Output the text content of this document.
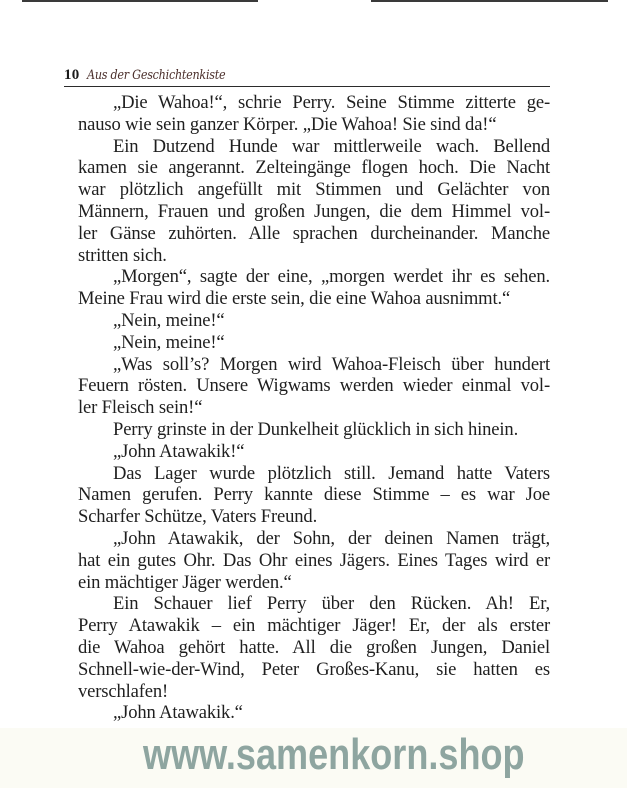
10 Aus der Geschichtenkiste
„Die Wahoa!“, schrie Perry. Seine Stimme zitterte ge-
nauso wie sein ganzer Körper. „Die Wahoa! Sie sind da!“
Ein Dutzend Hunde war mittlerweile wach. Bellend
kamen sie angerannt. Zelteingänge flogen hoch. Die Nacht
war plötzlich angefüllt mit Stimmen und Gelächter von
Männern, Frauen und großen Jungen, die dem Himmel vol-
ler Gänse zuhörten. Alle sprachen durcheinander. Manche
stritten sich.
„Morgen“, sagte der eine, „morgen werdet ihr es sehen.
Meine Frau wird die erste sein, die eine Wahoa ausnimmt.“
„Nein, meine!“
„Nein, meine!“
„Was soll’s? Morgen wird Wahoa-Fleisch über hundert
Feuern rösten. Unsere Wigwams werden wieder einmal vol-
ler Fleisch sein!“
Perry grinste in der Dunkelheit glücklich in sich hinein.
„John Atawakik!“
Das Lager wurde plötzlich still. Jemand hatte Vaters
Namen gerufen. Perry kannte diese Stimme – es war Joe
Scharfer Schütze, Vaters Freund.
„John Atawakik, der Sohn, der deinen Namen trägt,
hat ein gutes Ohr. Das Ohr eines Jägers. Eines Tages wird er
ein mächtiger Jäger werden.“
Ein Schauer lief Perry über den Rücken. Ah! Er,
Perry Atawakik – ein mächtiger Jäger! Er, der als erster
die Wahoa gehört hatte. All die großen Jungen, Daniel
Schnell-wie-der-Wind, Peter Großes-Kanu, sie hatten es
verschlafen!
„John Atawakik.“
www.samenkorn.shop
